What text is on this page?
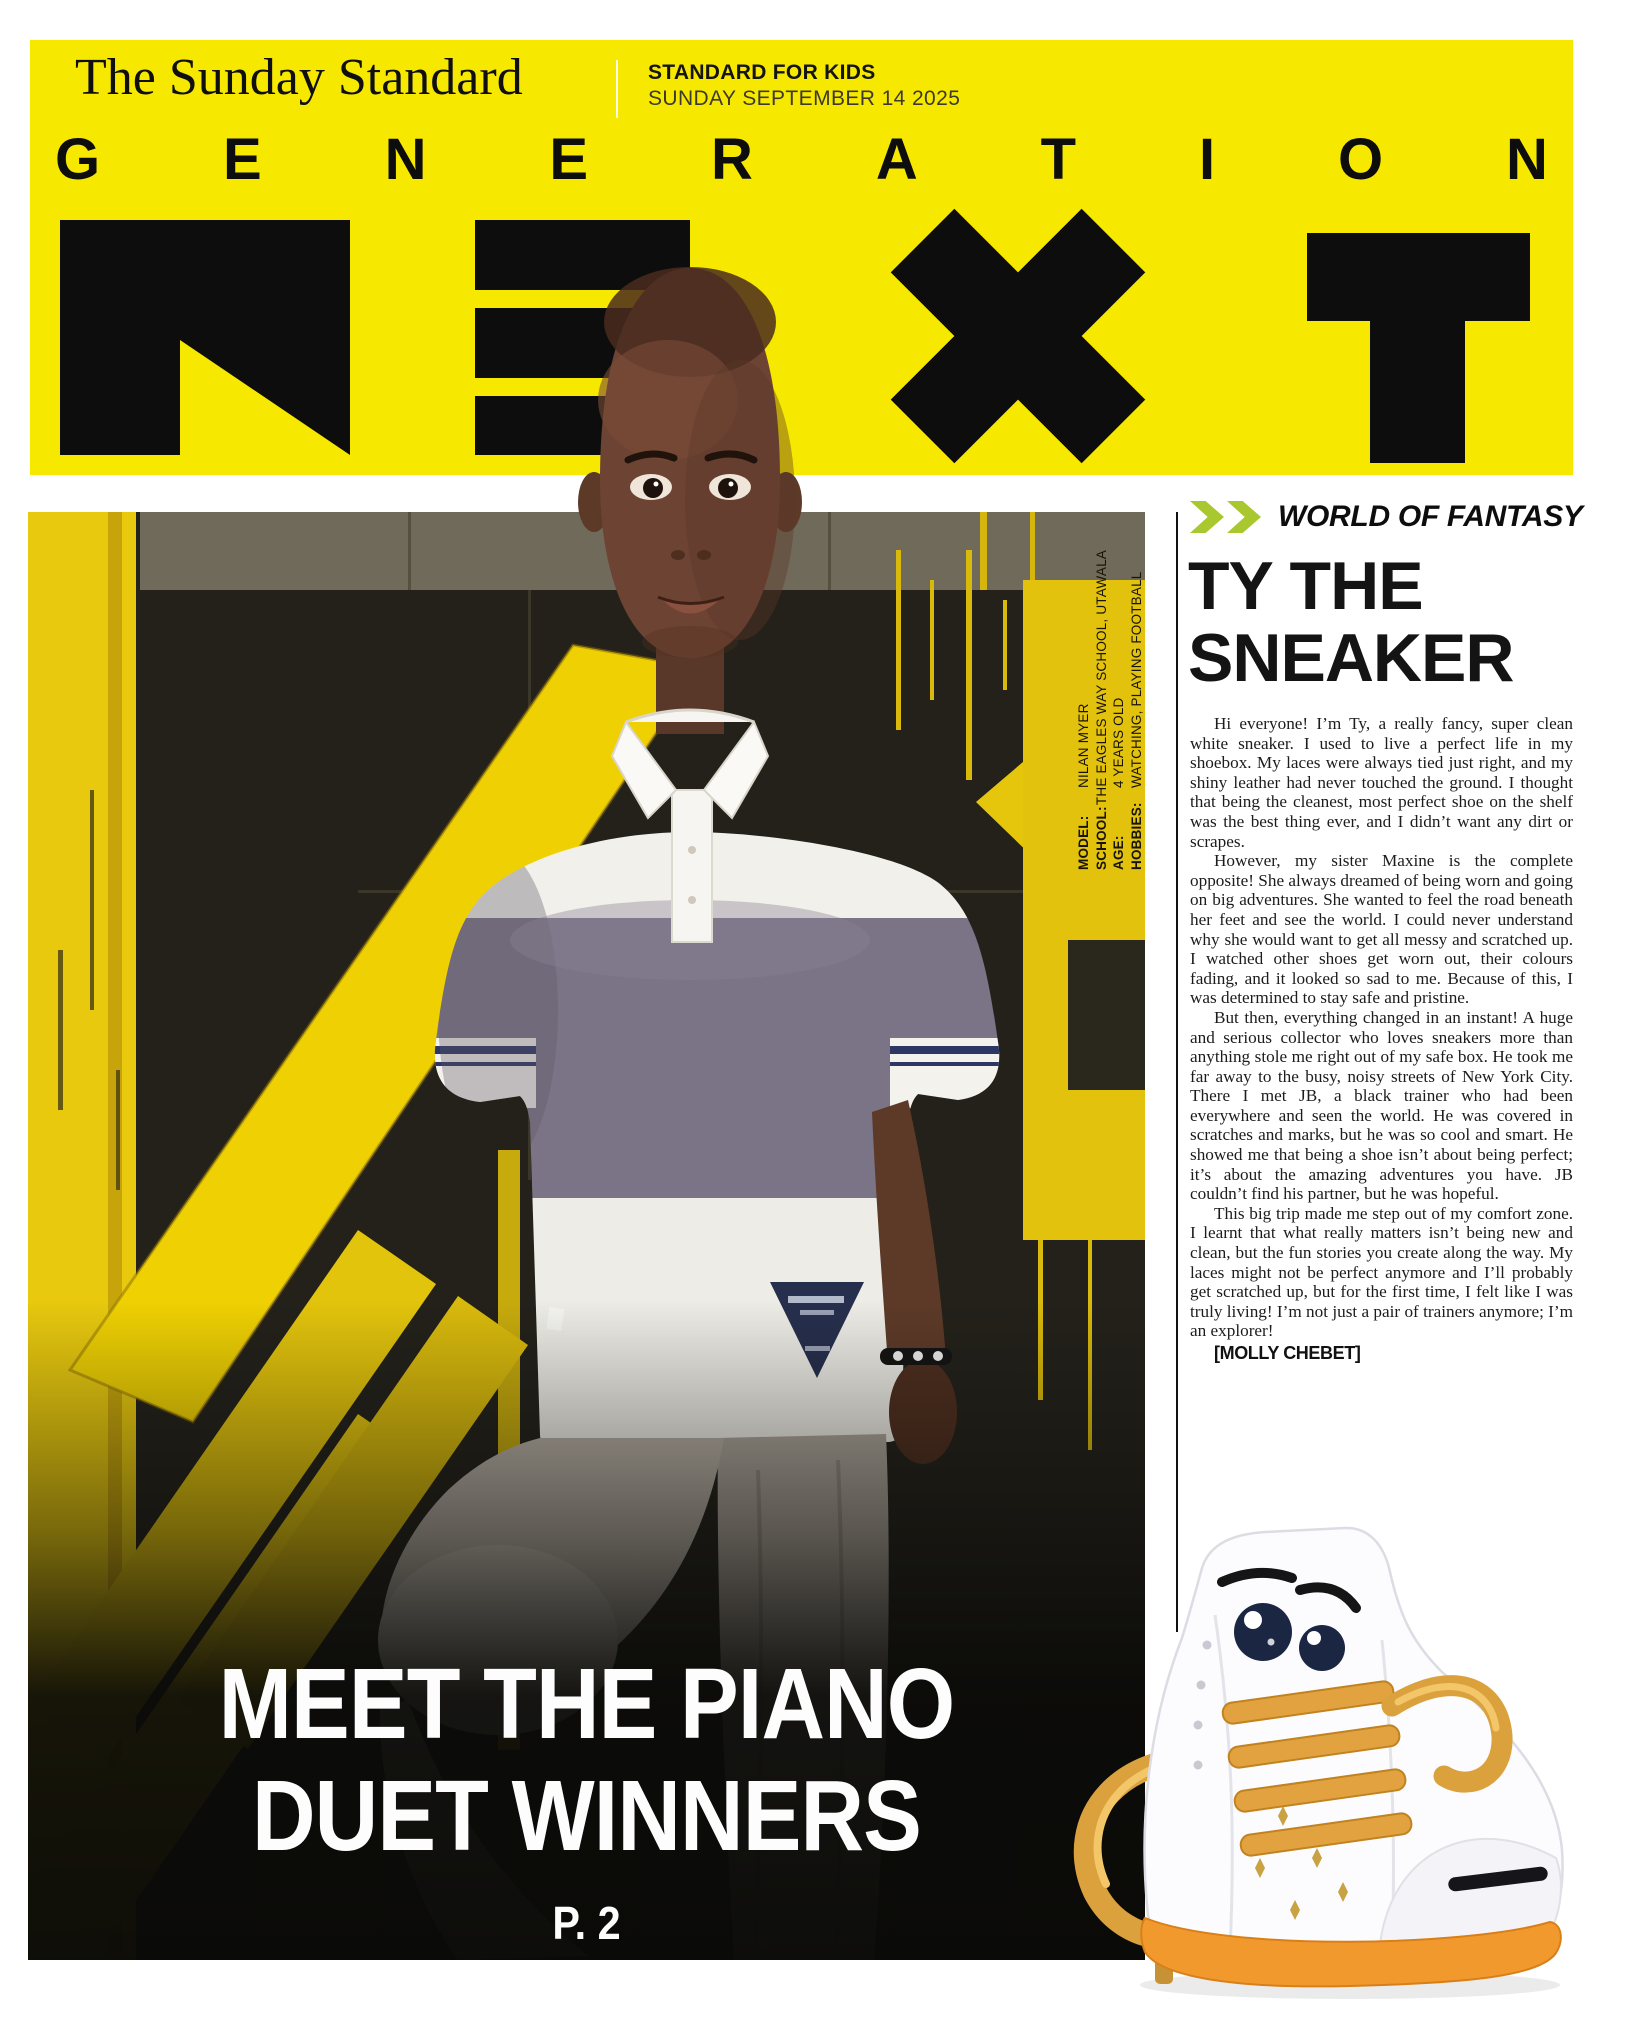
The Sunday Standard	STANDARD FOR KIDS
SUNDAY SEPTEMBER 14 2025
G E N E R A T I O N
MODEL:
NILAN MYER
SCHOOL:
THE EAGLES WAY SCHOOL, UTAWALA
AGE:
4 YEARS OLD
HOBBIES:
WATCHING, PLAYING FOOTBALL
MEET THE PIANO
DUET WINNERS
P. 2
WORLD OF FANTASY
TY THE
SNEAKER

Hi everyone! I’m Ty, a really fancy, super clean white sneaker. I used to live a perfect life in my shoebox. My laces were always tied just right, and my shiny leather had never touched the ground. I thought that being the cleanest, most perfect shoe on the shelf was the best thing ever, and I didn’t want any dirt or scrapes.

However, my sister Maxine is the complete opposite! She always dreamed of being worn and going on big adventures. She wanted to feel the road beneath her feet and see the world. I could never understand why she would want to get all messy and scratched up. I watched other shoes get worn out, their colours fading, and it looked so sad to me. Because of this, I was determined to stay safe and pristine.

But then, everything changed in an instant! A huge and serious collector who loves sneakers more than anything stole me right out of my safe box. He took me far away to the busy, noisy streets of New York City. There I met JB, a black trainer who had been everywhere and seen the world. He was covered in scratches and marks, but he was so cool and smart. He showed me that being a shoe isn’t about being perfect; it’s about the amazing adventures you have. JB couldn’t find his partner, but he was hopeful.

This big trip made me step out of my comfort zone. I learnt that what really matters isn’t being new and clean, but the fun stories you create along the way. My laces might not be perfect anymore and I’ll probably get scratched up, but for the first time, I felt like I was truly living! I’m not just a pair of trainers anymore; I’m an explorer!

[MOLLY CHEBET]
